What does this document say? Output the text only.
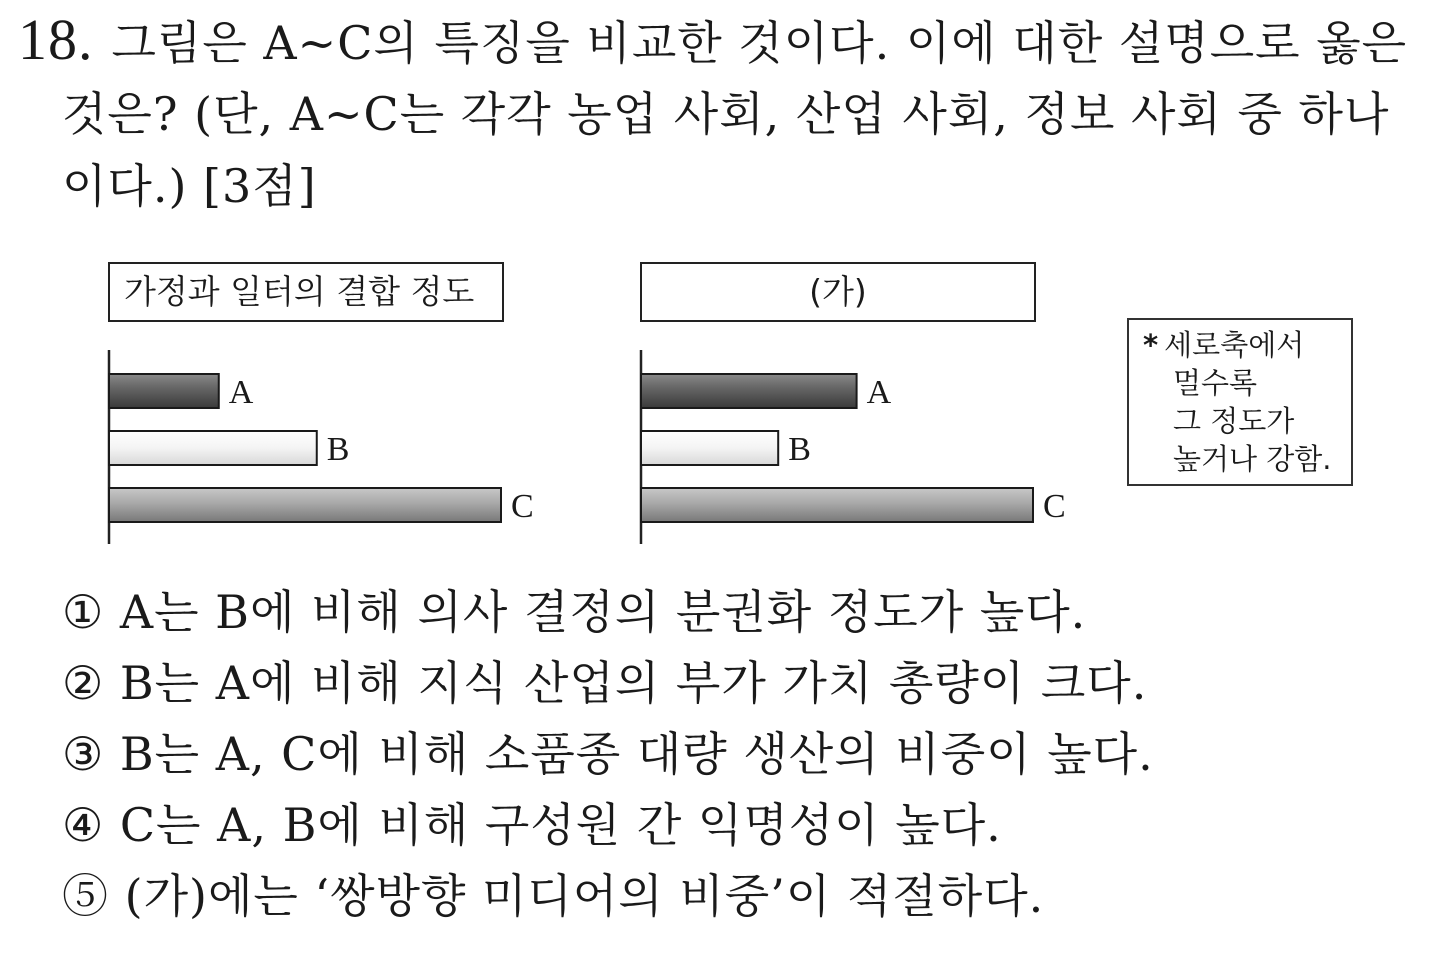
18. 그림은 A~C의 특징을 비교한 것이다. 이에 대한 설명으로 옳은
것은? (단, A~C는 각각 농업 사회, 산업 사회, 정보 사회 중 하나
이다.) [3점]
가정과 일터의 결합 정도
A
B
C
(가)
A
B
C
* 세로축에서
멀수록
그 정도가
높거나 강함.
① A는 B에 비해 의사 결정의 분권화 정도가 높다.
② B는 A에 비해 지식 산업의 부가 가치 총량이 크다.
③ B는 A, C에 비해 소품종 대량 생산의 비중이 높다.
④ C는 A, B에 비해 구성원 간 익명성이 높다.
⑤ (가)에는 ‘쌍방향 미디어의 비중’이 적절하다.
